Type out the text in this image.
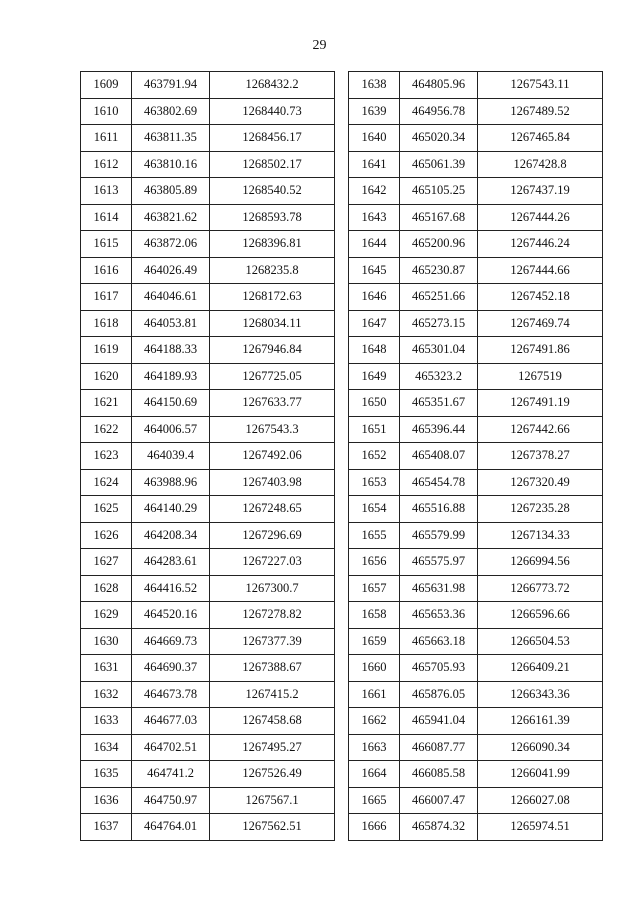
29
1609	463791.94	1268432.2
1610	463802.69	1268440.73
1611	463811.35	1268456.17
1612	463810.16	1268502.17
1613	463805.89	1268540.52
1614	463821.62	1268593.78
1615	463872.06	1268396.81
1616	464026.49	1268235.8
1617	464046.61	1268172.63
1618	464053.81	1268034.11
1619	464188.33	1267946.84
1620	464189.93	1267725.05
1621	464150.69	1267633.77
1622	464006.57	1267543.3
1623	464039.4	1267492.06
1624	463988.96	1267403.98
1625	464140.29	1267248.65
1626	464208.34	1267296.69
1627	464283.61	1267227.03
1628	464416.52	1267300.7
1629	464520.16	1267278.82
1630	464669.73	1267377.39
1631	464690.37	1267388.67
1632	464673.78	1267415.2
1633	464677.03	1267458.68
1634	464702.51	1267495.27
1635	464741.2	1267526.49
1636	464750.97	1267567.1
1637	464764.01	1267562.51
1638	464805.96	1267543.11
1639	464956.78	1267489.52
1640	465020.34	1267465.84
1641	465061.39	1267428.8
1642	465105.25	1267437.19
1643	465167.68	1267444.26
1644	465200.96	1267446.24
1645	465230.87	1267444.66
1646	465251.66	1267452.18
1647	465273.15	1267469.74
1648	465301.04	1267491.86
1649	465323.2	1267519
1650	465351.67	1267491.19
1651	465396.44	1267442.66
1652	465408.07	1267378.27
1653	465454.78	1267320.49
1654	465516.88	1267235.28
1655	465579.99	1267134.33
1656	465575.97	1266994.56
1657	465631.98	1266773.72
1658	465653.36	1266596.66
1659	465663.18	1266504.53
1660	465705.93	1266409.21
1661	465876.05	1266343.36
1662	465941.04	1266161.39
1663	466087.77	1266090.34
1664	466085.58	1266041.99
1665	466007.47	1266027.08
1666	465874.32	1265974.51
